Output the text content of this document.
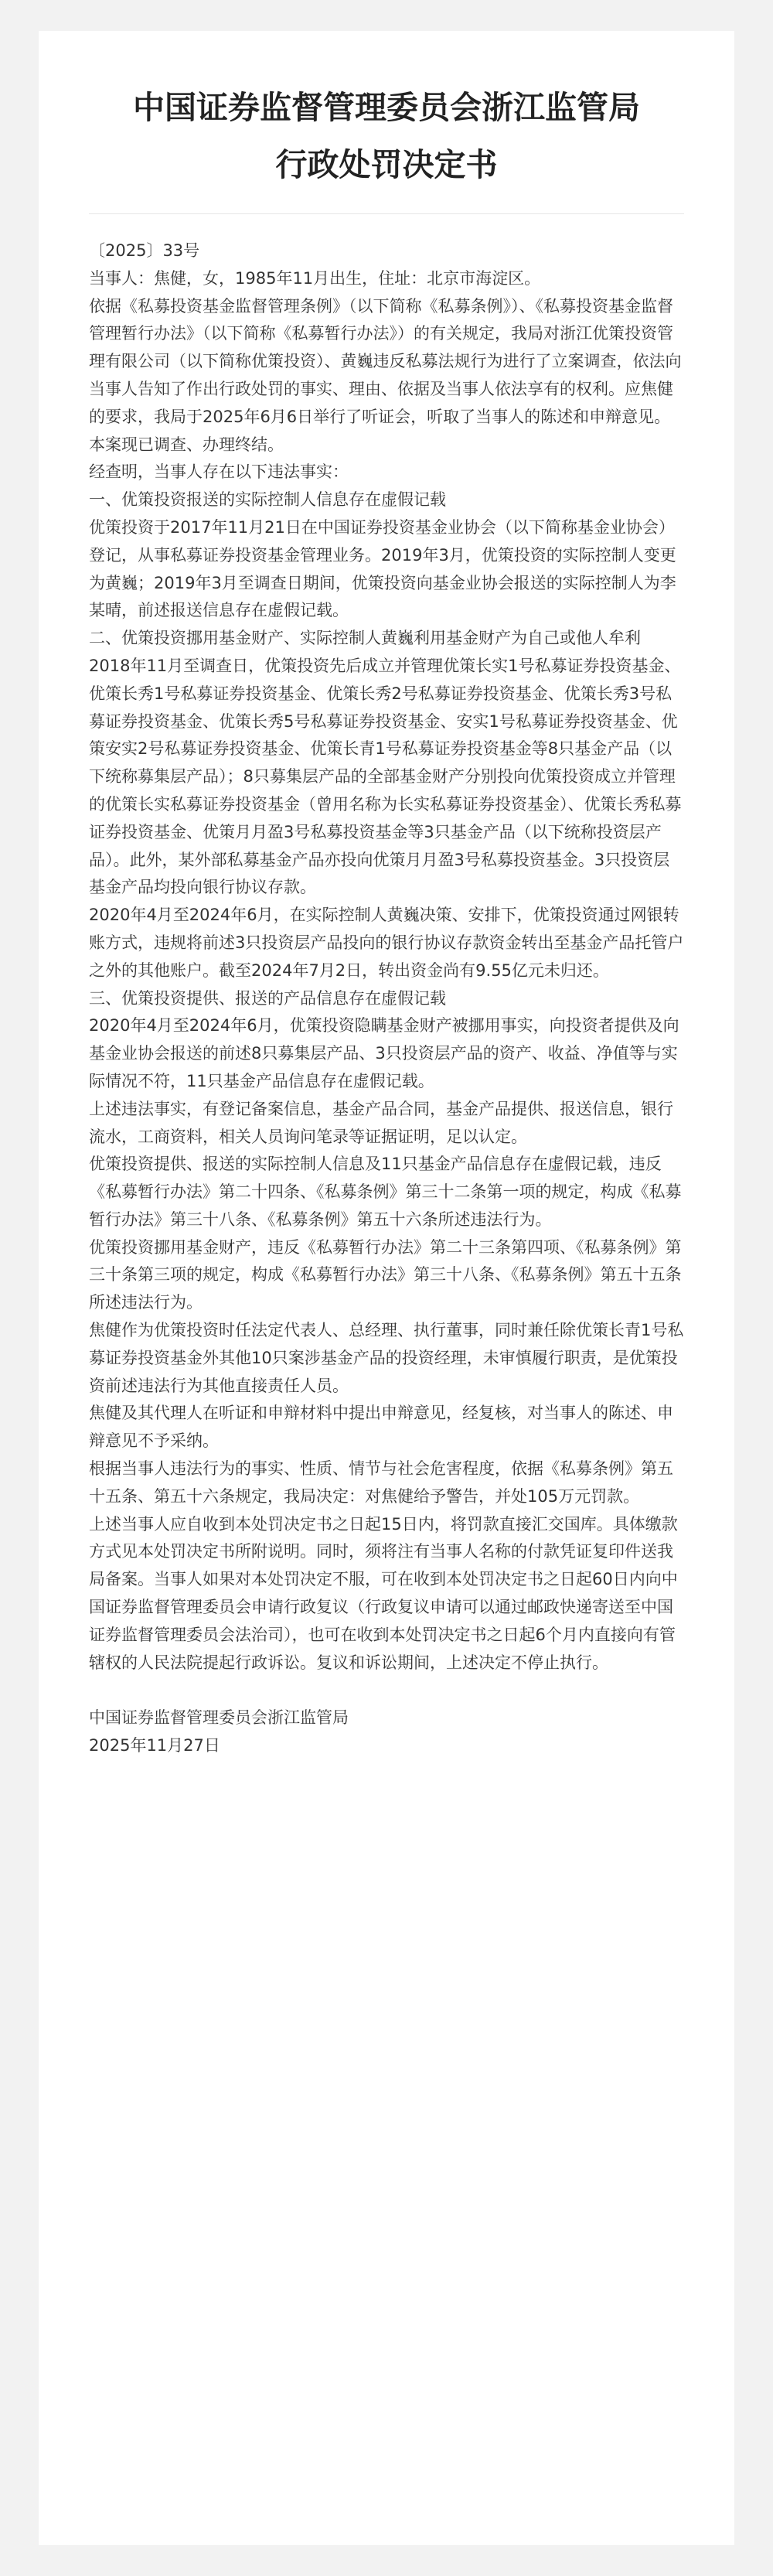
中国证券监督管理委员会浙江监管局
行政处罚决定书

〔2025〕33号

当事人：焦健，女，1985年11月出生，住址：北京市海淀区。

依据《私募投资基金监督管理条例》（以下简称《私募条例》）、《私募投资基金监督管理暂行办法》（以下简称《私募暂行办法》）的有关规定，我局对浙江优策投资管理有限公司（以下简称优策投资）、黄巍违反私募法规行为进行了立案调查，依法向当事人告知了作出行政处罚的事实、理由、依据及当事人依法享有的权利。应焦健的要求，我局于2025年6月6日举行了听证会，听取了当事人的陈述和申辩意见。本案现已调查、办理终结。

经查明，当事人存在以下违法事实：

一、优策投资报送的实际控制人信息存在虚假记载

优策投资于2017年11月21日在中国证券投资基金业协会（以下简称基金业协会）登记，从事私募证券投资基金管理业务。2019年3月，优策投资的实际控制人变更为黄巍；2019年3月至调查日期间，优策投资向基金业协会报送的实际控制人为李某晴，前述报送信息存在虚假记载。

二、优策投资挪用基金财产、实际控制人黄巍利用基金财产为自己或他人牟利

2018年11月至调查日，优策投资先后成立并管理优策长实1号私募证券投资基金、优策长秀1号私募证券投资基金、优策长秀2号私募证券投资基金、优策长秀3号私募证券投资基金、优策长秀5号私募证券投资基金、安实1号私募证券投资基金、优策安实2号私募证券投资基金、优策长青1号私募证券投资基金等8只基金产品（以下统称募集层产品）；8只募集层产品的全部基金财产分别投向优策投资成立并管理的优策长实私募证券投资基金（曾用名称为长实私募证券投资基金）、优策长秀私募证券投资基金、优策月月盈3号私募投资基金等3只基金产品（以下统称投资层产品）。此外，某外部私募基金产品亦投向优策月月盈3号私募投资基金。3只投资层基金产品均投向银行协议存款。

2020年4月至2024年6月，在实际控制人黄巍决策、安排下，优策投资通过网银转账方式，违规将前述3只投资层产品投向的银行协议存款资金转出至基金产品托管户之外的其他账户。截至2024年7月2日，转出资金尚有9.55亿元未归还。

三、优策投资提供、报送的产品信息存在虚假记载

2020年4月至2024年6月，优策投资隐瞒基金财产被挪用事实，向投资者提供及向基金业协会报送的前述8只募集层产品、3只投资层产品的资产、收益、净值等与实际情况不符，11只基金产品信息存在虚假记载。

上述违法事实，有登记备案信息，基金产品合同，基金产品提供、报送信息，银行流水，工商资料，相关人员询问笔录等证据证明，足以认定。

优策投资提供、报送的实际控制人信息及11只基金产品信息存在虚假记载，违反《私募暂行办法》第二十四条、《私募条例》第三十二条第一项的规定，构成《私募暂行办法》第三十八条、《私募条例》第五十六条所述违法行为。

优策投资挪用基金财产，违反《私募暂行办法》第二十三条第四项、《私募条例》第三十条第三项的规定，构成《私募暂行办法》第三十八条、《私募条例》第五十五条所述违法行为。

焦健作为优策投资时任法定代表人、总经理、执行董事，同时兼任除优策长青1号私募证券投资基金外其他10只案涉基金产品的投资经理，未审慎履行职责，是优策投资前述违法行为其他直接责任人员。

焦健及其代理人在听证和申辩材料中提出申辩意见，经复核，对当事人的陈述、申辩意见不予采纳。

根据当事人违法行为的事实、性质、情节与社会危害程度，依据《私募条例》第五十五条、第五十六条规定，我局决定：对焦健给予警告，并处105万元罚款。

上述当事人应自收到本处罚决定书之日起15日内，将罚款直接汇交国库。具体缴款方式见本处罚决定书所附说明。同时，须将注有当事人名称的付款凭证复印件送我局备案。当事人如果对本处罚决定不服，可在收到本处罚决定书之日起60日内向中国证券监督管理委员会申请行政复议（行政复议申请可以通过邮政快递寄送至中国证券监督管理委员会法治司），也可在收到本处罚决定书之日起6个月内直接向有管辖权的人民法院提起行政诉讼。复议和诉讼期间，上述决定不停止执行。

中国证券监督管理委员会浙江监管局

2025年11月27日
